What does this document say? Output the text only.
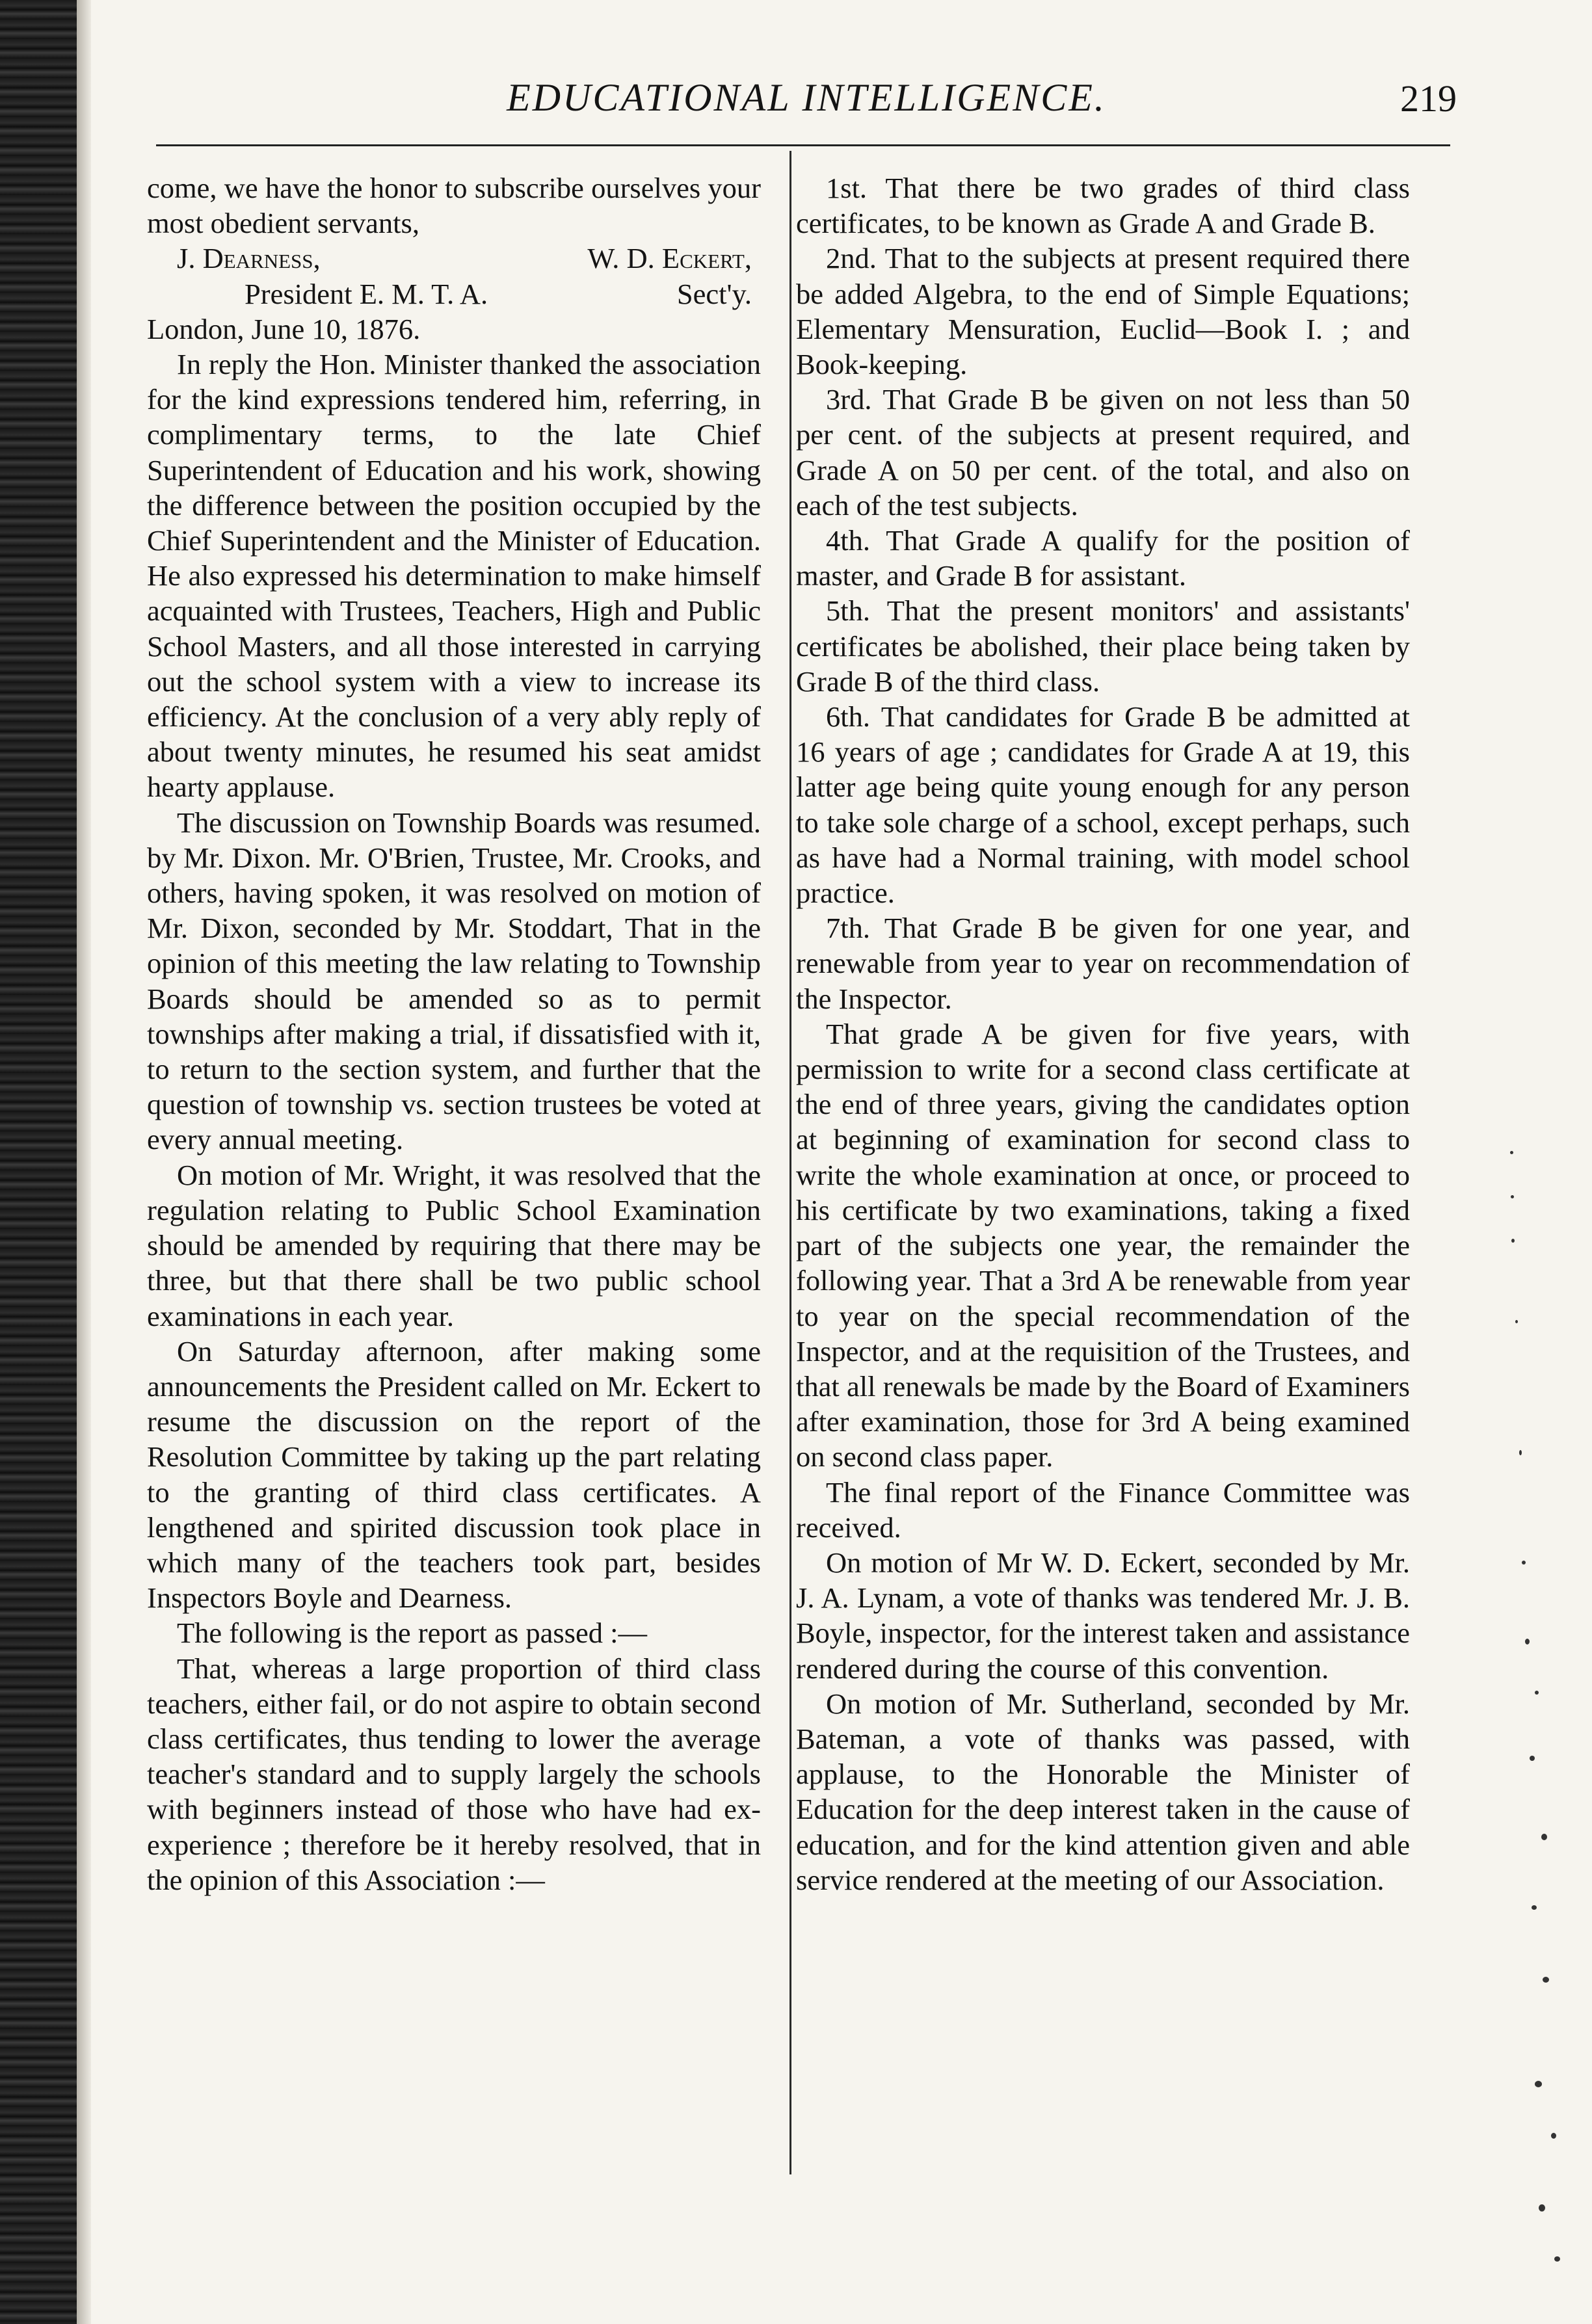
EDUCATIONAL INTELLIGENCE.	219

come, we have the honor to subscribe ourselves your most obedient servants,

J. Dearness,	W. D. Eckert,
President E. M. T. A.	Sect'y.

London, June 10, 1876.

In reply the Hon. Minister thanked the association for the kind expressions tendered him, referring, in complimentary terms, to the late Chief Superintendent of Education and his work, showing the difference between the position occupied by the Chief Superintendent and the Minister of Education. He also expressed his determination to make himself acquainted with Trustees, Teachers, High and Public School Masters, and all those interested in carrying out the school system with a view to increase its efficiency. At the conclusion of a very ably reply of about twenty minutes, he resumed his seat amidst hearty applause.

The discussion on Township Boards was resumed. by Mr. Dixon. Mr. O'Brien, Trustee, Mr. Crooks, and others, having spoken, it was resolved on motion of Mr. Dixon, seconded by Mr. Stoddart, That in the opinion of this meeting the law relating to Township Boards should be amended so as to permit townships after making a trial, if dissatisfied with it, to return to the section system, and further that the question of township vs. section trustees be voted at every annual meeting.

On motion of Mr. Wright, it was resolved that the regulation relating to Public School Examination should be amended by requiring that there may be three, but that there shall be two public school examinations in each year.

On Saturday afternoon, after making some announcements the President called on Mr. Eckert to resume the discussion on the report of the Resolution Committee by taking up the part relating to the granting of third class certificates. A lengthened and spirited discussion took place in which many of the teachers took part, besides Inspectors Boyle and Dearness.

The following is the report as passed :—

That, whereas a large proportion of third class teachers, either fail, or do not aspire to obtain second class certificates, thus tending to lower the average teacher's standard and to supply largely the schools with beginners instead of those who have had ex-experience ; therefore be it hereby resolved, that in the opinion of this Association :—

1st. That there be two grades of third class certificates, to be known as Grade A and Grade B.

2nd. That to the subjects at present required there be added Algebra, to the end of Simple Equations; Elementary Mensuration, Euclid—Book I. ; and Book-keeping.

3rd. That Grade B be given on not less than 50 per cent. of the subjects at present required, and Grade A on 50 per cent. of the total, and also on each of the test subjects.

4th. That Grade A qualify for the position of master, and Grade B for assistant.

5th. That the present monitors' and assistants' certificates be abolished, their place being taken by Grade B of the third class.

6th. That candidates for Grade B be admitted at 16 years of age ; candidates for Grade A at 19, this latter age being quite young enough for any person to take sole charge of a school, except perhaps, such as have had a Normal training, with model school practice.

7th. That Grade B be given for one year, and renewable from year to year on recommendation of the Inspector.

That grade A be given for five years, with permission to write for a second class certificate at the end of three years, giving the candidates option at beginning of examination for second class to write the whole examination at once, or proceed to his certificate by two examinations, taking a fixed part of the subjects one year, the remainder the following year. That a 3rd A be renewable from year to year on the special recommendation of the Inspector, and at the requisition of the Trustees, and that all renewals be made by the Board of Examiners after examination, those for 3rd A being examined on second class paper.

The final report of the Finance Committee was received.

On motion of Mr W. D. Eckert, seconded by Mr. J. A. Lynam, a vote of thanks was tendered Mr. J. B. Boyle, inspector, for the interest taken and assistance rendered during the course of this convention.

On motion of Mr. Sutherland, seconded by Mr. Bateman, a vote of thanks was passed, with applause, to the Honorable the Minister of Education for the deep interest taken in the cause of education, and for the kind attention given and able service rendered at the meeting of our Association.
